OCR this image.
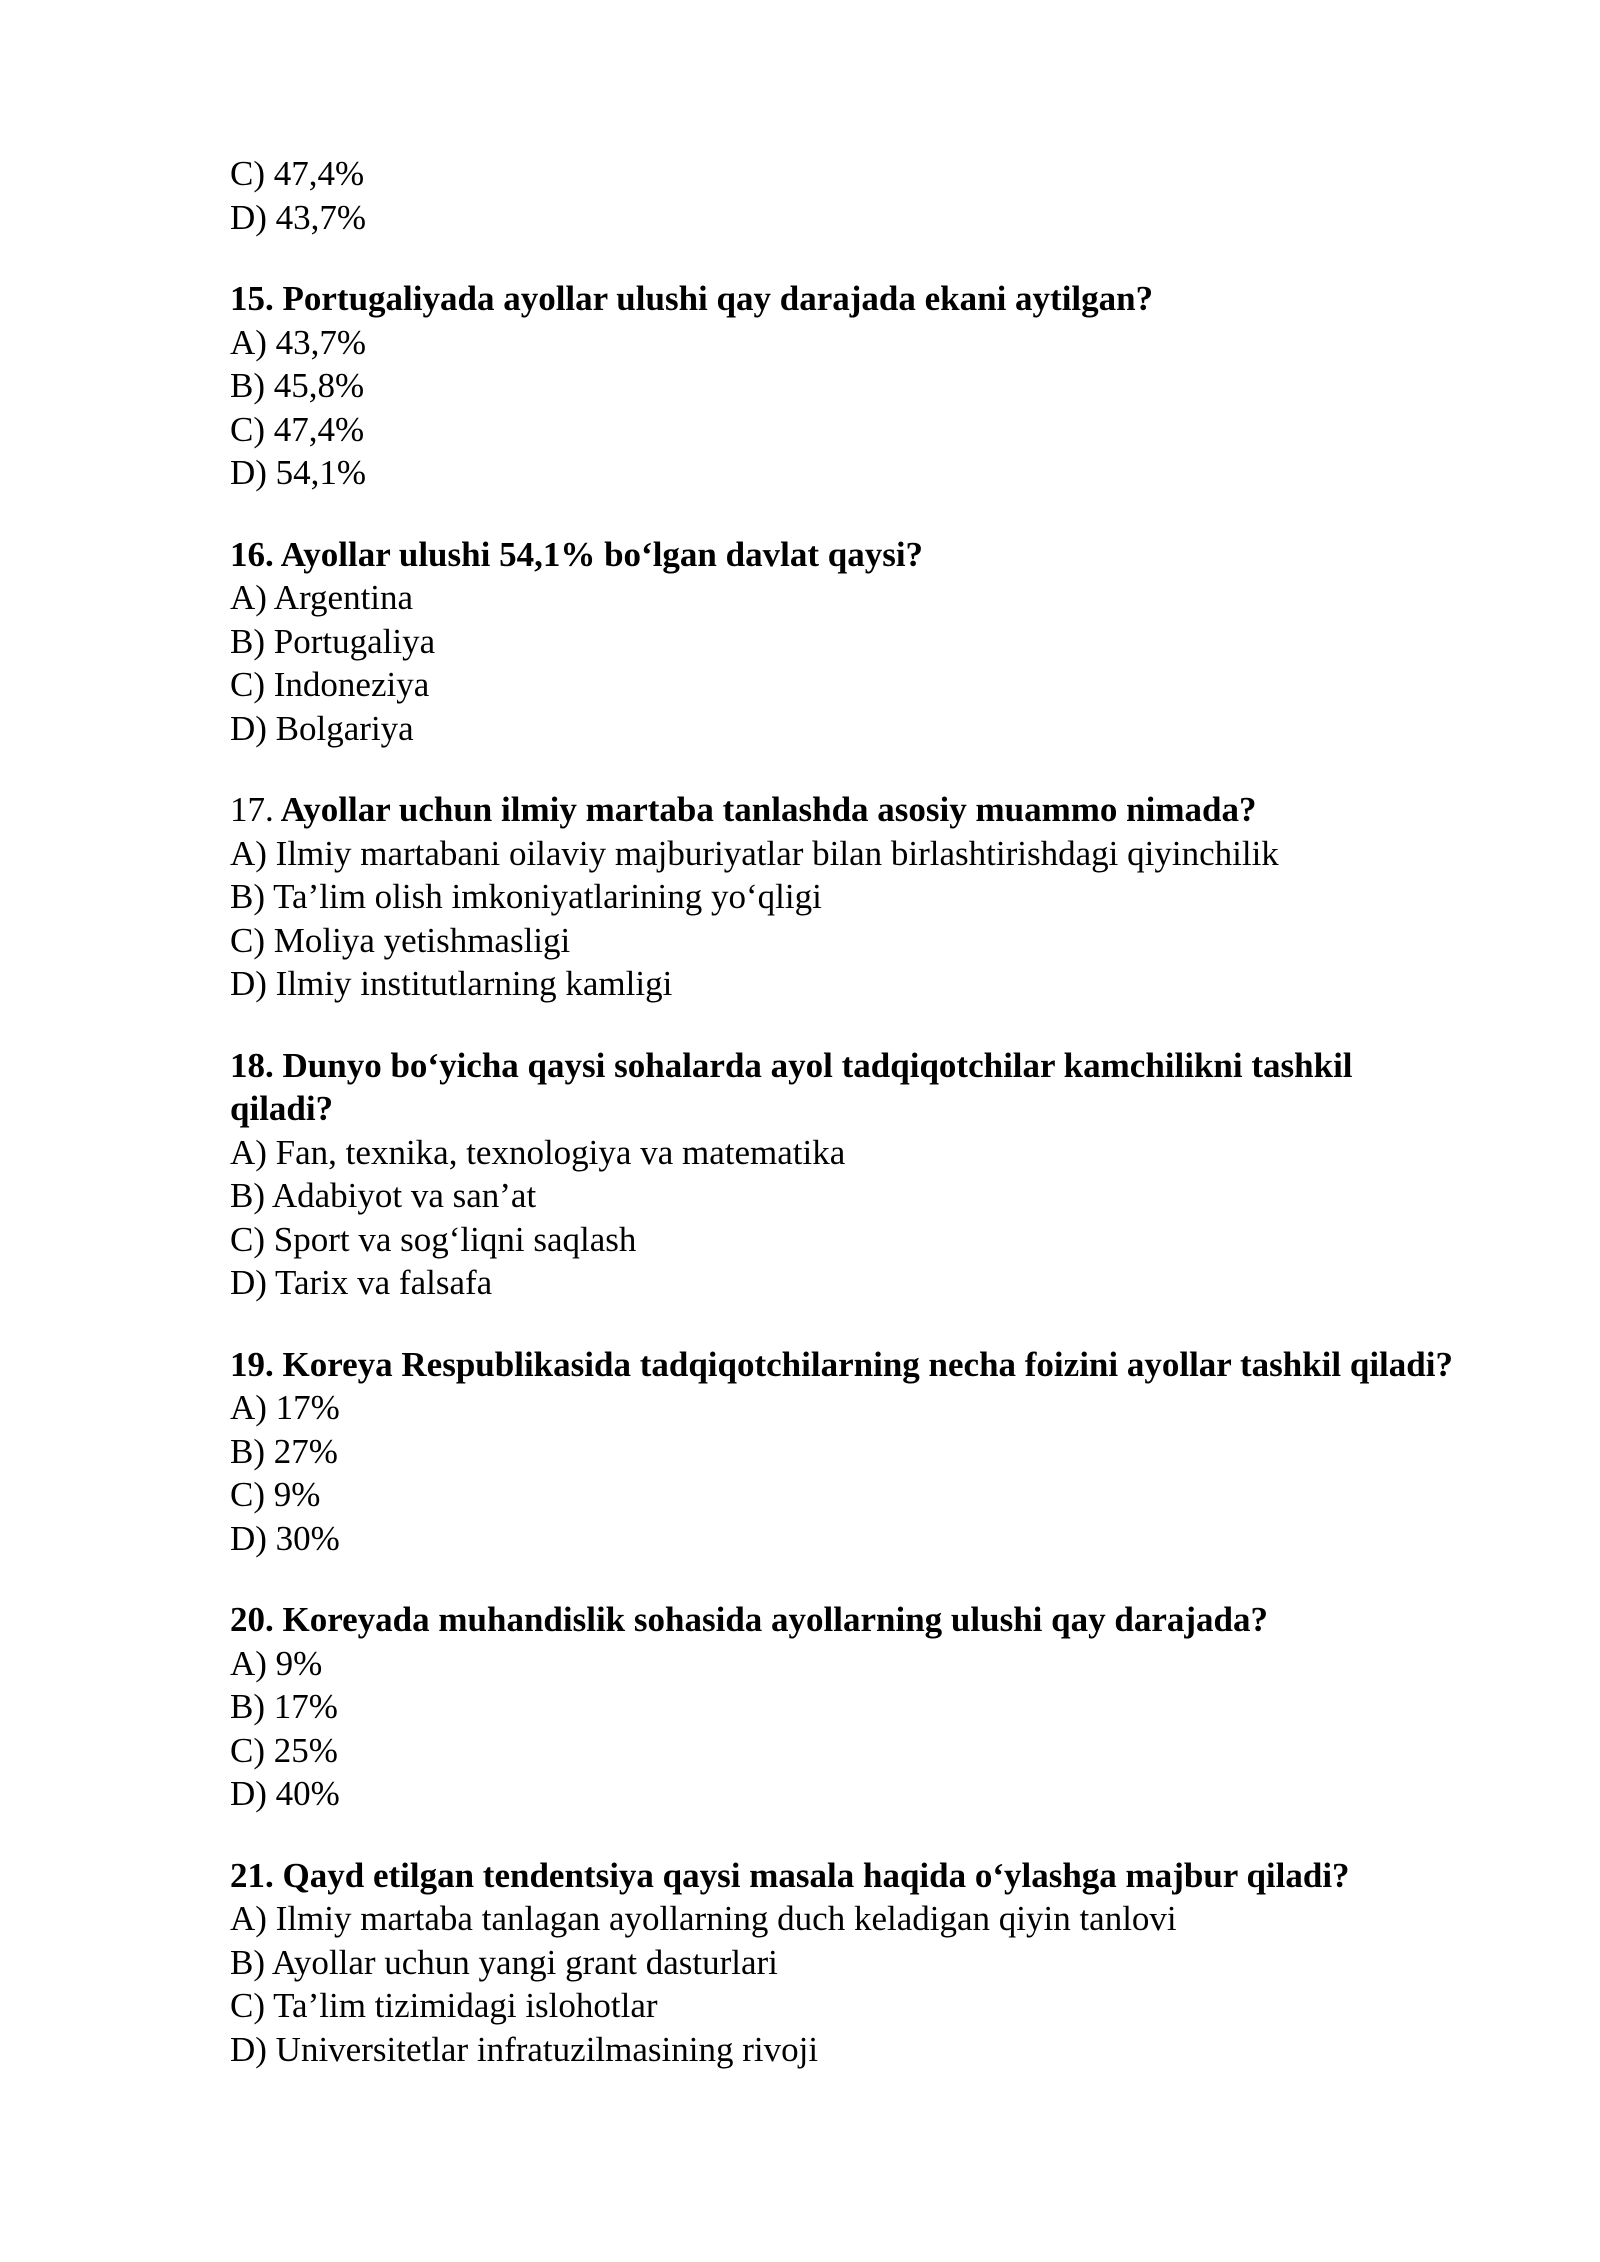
C) 47,4%

D) 43,7%

15. Portugaliyada ayollar ulushi qay darajada ekani aytilgan?

A) 43,7%

B) 45,8%

C) 47,4%

D) 54,1%

16. Ayollar ulushi 54,1% bo‘lgan davlat qaysi?

A) Argentina

B) Portugaliya

C) Indoneziya

D) Bolgariya

17. Ayollar uchun ilmiy martaba tanlashda asosiy muammo nimada?

A) Ilmiy martabani oilaviy majburiyatlar bilan birlashtirishdagi qiyinchilik

B) Ta’lim olish imkoniyatlarining yo‘qligi

C) Moliya yetishmasligi

D) Ilmiy institutlarning kamligi

18. Dunyo bo‘yicha qaysi sohalarda ayol tadqiqotchilar kamchilikni tashkil qiladi?

A) Fan, texnika, texnologiya va matematika

B) Adabiyot va san’at

C) Sport va sog‘liqni saqlash

D) Tarix va falsafa

19. Koreya Respublikasida tadqiqotchilarning necha foizini ayollar tashkil qiladi?

A) 17%

B) 27%

C) 9%

D) 30%

20. Koreyada muhandislik sohasida ayollarning ulushi qay darajada?

A) 9%

B) 17%

C) 25%

D) 40%

21. Qayd etilgan tendentsiya qaysi masala haqida o‘ylashga majbur qiladi?

A) Ilmiy martaba tanlagan ayollarning duch keladigan qiyin tanlovi

B) Ayollar uchun yangi grant dasturlari

C) Ta’lim tizimidagi islohotlar

D) Universitetlar infratuzilmasining rivoji
